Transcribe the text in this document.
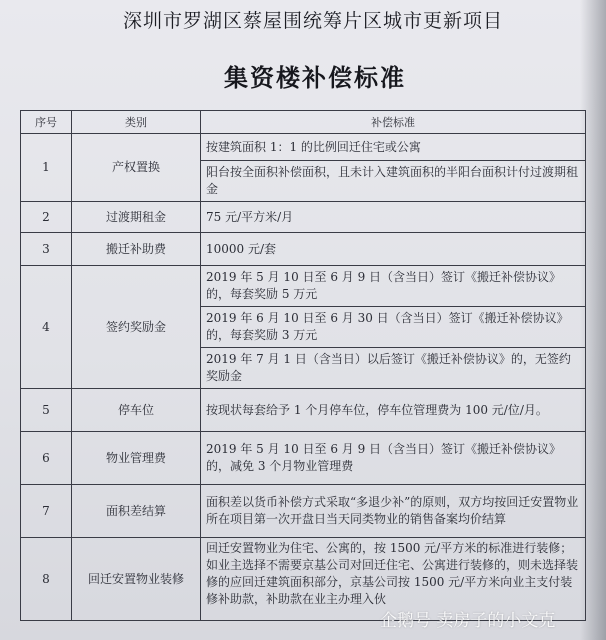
深圳市罗湖区蔡屋围统筹片区城市更新项目
集资楼补偿标准
序号	类别	补偿标准
1	产权置换	按建筑面积 1：1 的比例回迁住宅或公寓
		阳台按全面积补偿面积，且未计入建筑面积的半阳台面积计付过渡期租金
2	过渡期租金	75 元/平方米/月
3	搬迁补助费	10000 元/套
4	签约奖励金	2019 年 5 月 10 日至 6 月 9 日（含当日）签订《搬迁补偿协议》的，每套奖励 5 万元
		2019 年 6 月 10 日至 6 月 30 日（含当日）签订《搬迁补偿协议》的，每套奖励 3 万元
		2019 年 7 月 1 日（含当日）以后签订《搬迁补偿协议》的，无签约奖励金
5	停车位	按现状每套给予 1 个月停车位，停车位管理费为 100 元/位/月。
6	物业管理费	2019 年 5 月 10 日至 6 月 9 日（含当日）签订《搬迁补偿协议》的，减免 3 个月物业管理费
7	面积差结算	面积差以货币补偿方式采取“多退少补”的原则，双方均按回迁安置物业所在项目第一次开盘日当天同类物业的销售备案均价结算
8	回迁安置物业装修	回迁安置物业为住宅、公寓的，按 1500 元/平方米的标准进行装修；如业主选择不需要京基公司对回迁住宅、公寓进行装修的，则未选择装修的应回迁建筑面积部分，京基公司按 1500 元/平方米向业主支付装修补助款，补助款在业主办理入伙
企鹅号 卖房子的小文克
